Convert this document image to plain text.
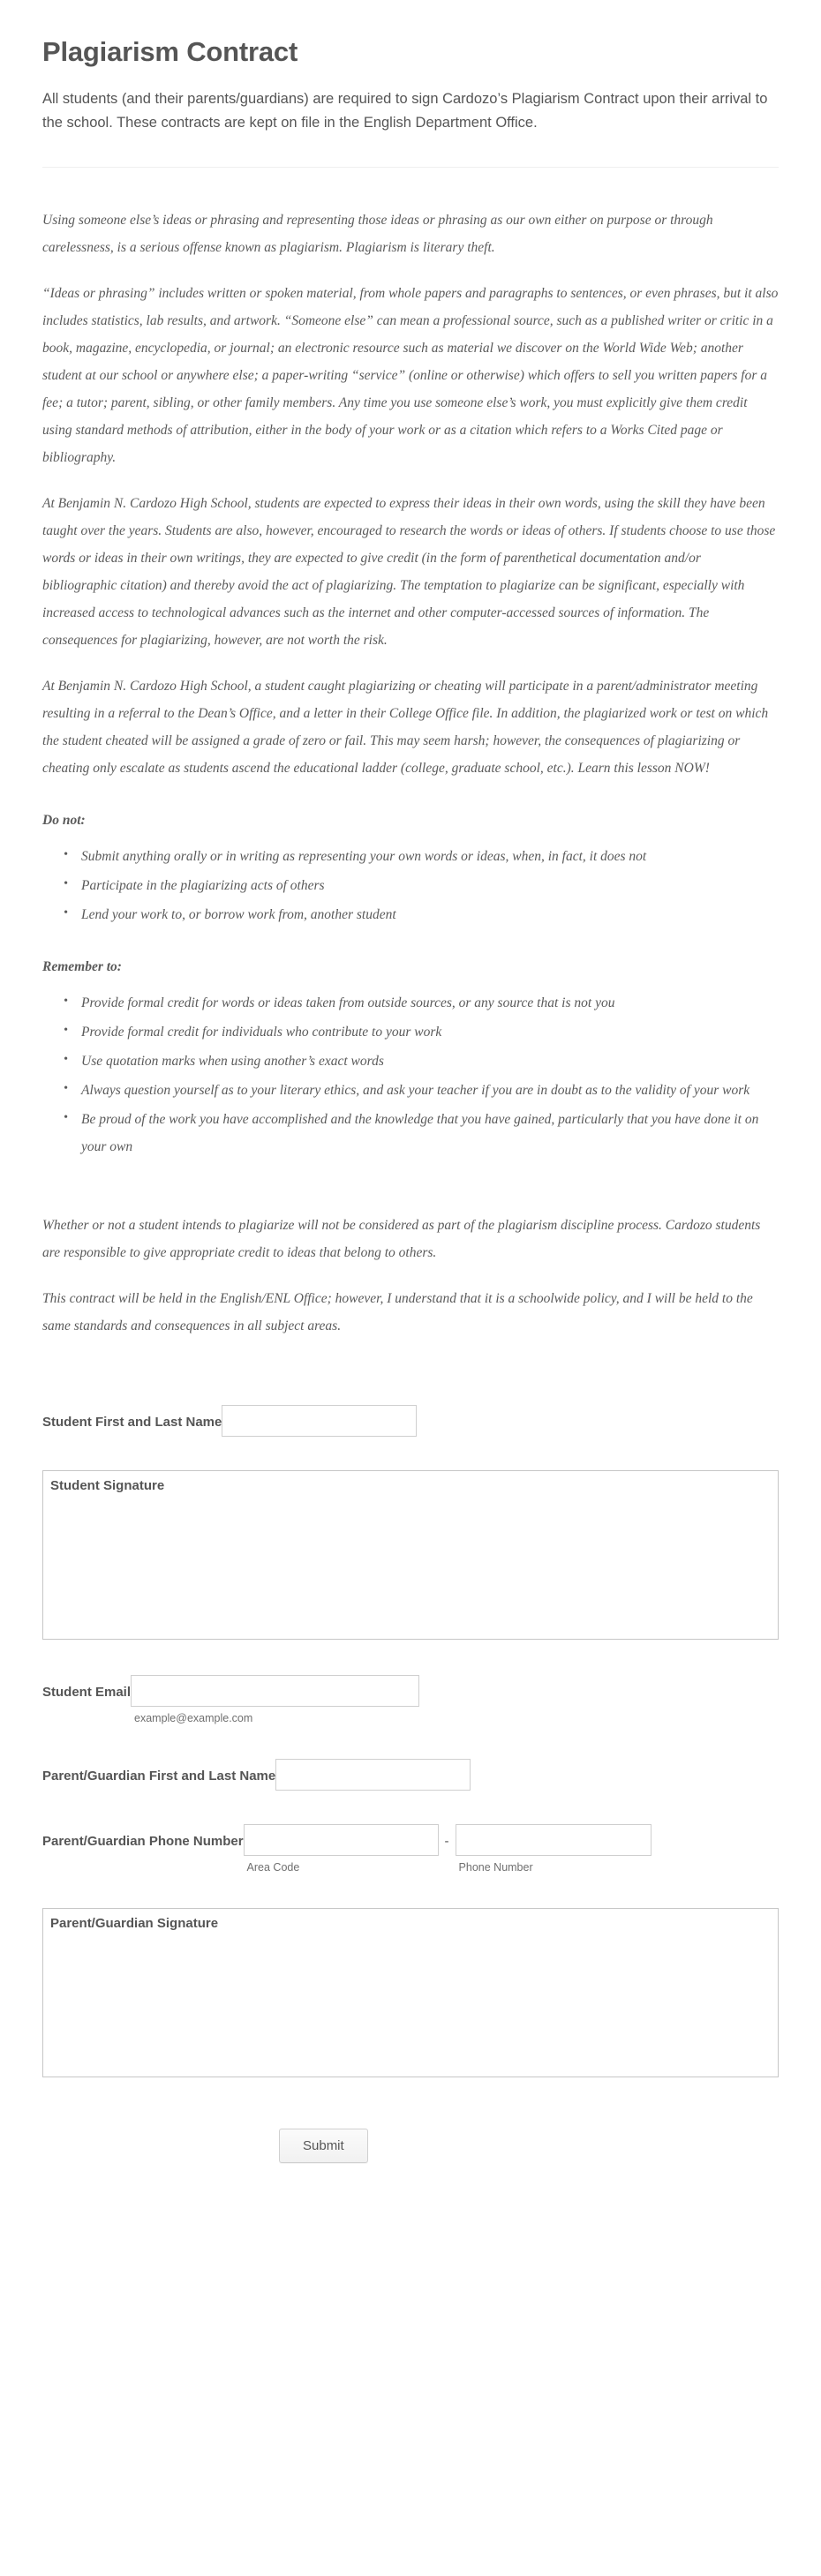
Plagiarism Contract

All students (and their parents/guardians) are required to sign Cardozo’s Plagiarism Contract upon their arrival to the school. These contracts are kept on file in the English Department Office.

Using someone else’s ideas or phrasing and representing those ideas or phrasing as our own either on purpose or through carelessness, is a serious offense known as plagiarism. Plagiarism is literary theft.

“Ideas or phrasing” includes written or spoken material, from whole papers and paragraphs to sentences, or even phrases, but it also includes statistics, lab results, and artwork. “Someone else” can mean a professional source, such as a published writer or critic in a book, magazine, encyclopedia, or journal; an electronic resource such as material we discover on the World Wide Web; another student at our school or anywhere else; a paper-writing “service” (online or otherwise) which offers to sell you written papers for a fee; a tutor; parent, sibling, or other family members. Any time you use someone else’s work, you must explicitly give them credit using standard methods of attribution, either in the body of your work or as a citation which refers to a Works Cited page or bibliography.

At Benjamin N. Cardozo High School, students are expected to express their ideas in their own words, using the skill they have been taught over the years. Students are also, however, encouraged to research the words or ideas of others. If students choose to use those words or ideas in their own writings, they are expected to give credit (in the form of parenthetical documentation and/or bibliographic citation) and thereby avoid the act of plagiarizing. The temptation to plagiarize can be significant, especially with increased access to technological advances such as the internet and other computer-accessed sources of information. The consequences for plagiarizing, however, are not worth the risk.

At Benjamin N. Cardozo High School, a student caught plagiarizing or cheating will participate in a parent/administrator meeting resulting in a referral to the Dean’s Office, and a letter in their College Office file. In addition, the plagiarized work or test on which the student cheated will be assigned a grade of zero or fail. This may seem harsh; however, the consequences of plagiarizing or cheating only escalate as students ascend the educational ladder (college, graduate school, etc.). Learn this lesson NOW!

Do not:

• Submit anything orally or in writing as representing your own words or ideas, when, in fact, it does not
• Participate in the plagiarizing acts of others
• Lend your work to, or borrow work from, another student

Remember to:

• Provide formal credit for words or ideas taken from outside sources, or any source that is not you
• Provide formal credit for individuals who contribute to your work
• Use quotation marks when using another’s exact words
• Always question yourself as to your literary ethics, and ask your teacher if you are in doubt as to the validity of your work
• Be proud of the work you have accomplished and the knowledge that you have gained, particularly that you have done it on your own

Whether or not a student intends to plagiarize will not be considered as part of the plagiarism discipline process. Cardozo students are responsible to give appropriate credit to ideas that belong to others.

This contract will be held in the English/ENL Office; however, I understand that it is a schoolwide policy, and I will be held to the same standards and consequences in all subject areas.

Student First and Last Name
Student Signature
Student Email
example@example.com
Parent/Guardian First and Last Name
Parent/Guardian Phone Number
Area Code
-
Phone Number
Parent/Guardian Signature
Submit
